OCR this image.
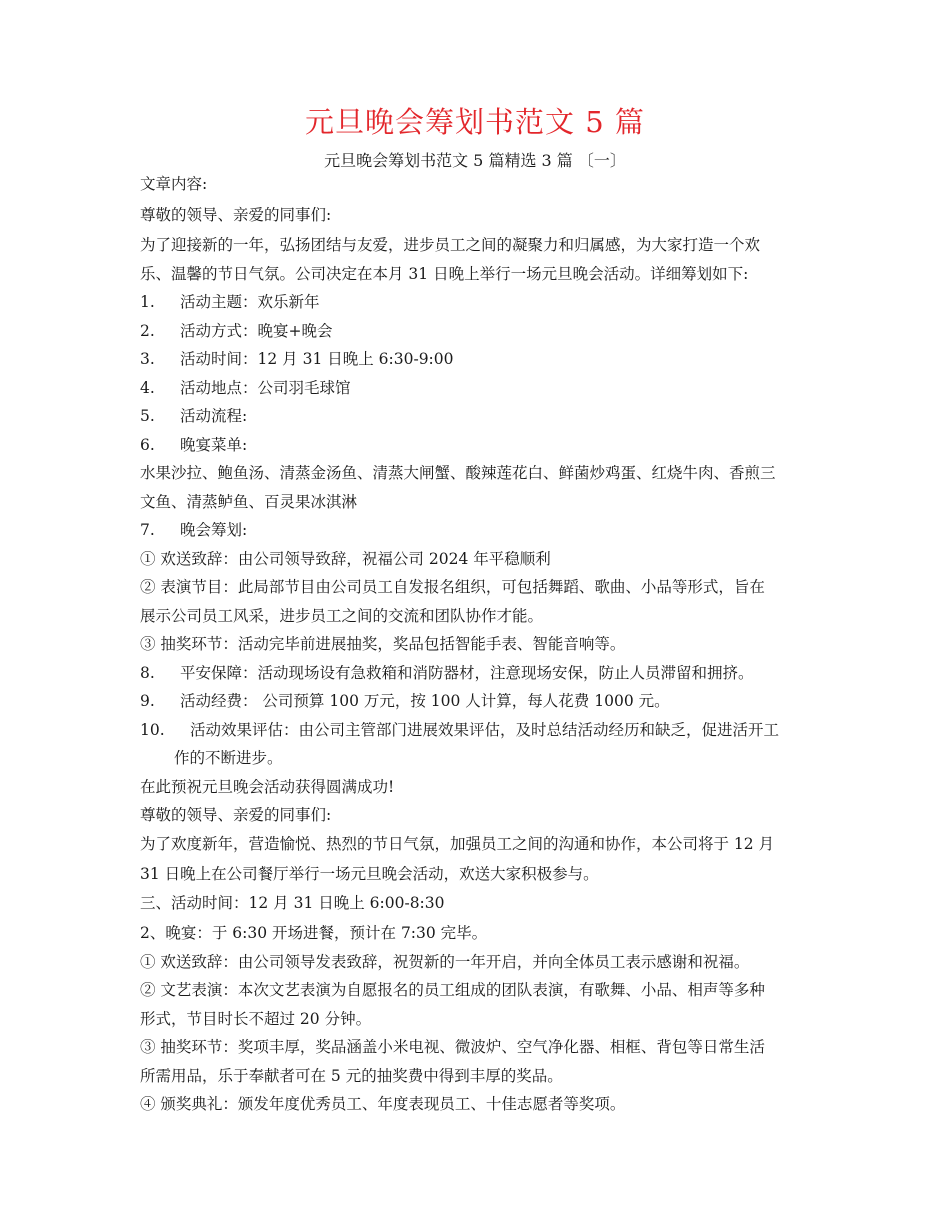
元旦晚会筹划书范文 5 篇

元旦晚会筹划书范文 5 篇精选 3 篇 〔一〕

文章内容:

尊敬的领导、亲爱的同事们:

为了迎接新的一年，弘扬团结与友爱，进步员工之间的凝聚力和归属感，为大家打造一个欢

乐、温馨的节日气氛。公司决定在本月 31 日晚上举行一场元旦晚会活动。详细筹划如下:

1.	活动主题：欢乐新年
2.	活动方式：晚宴+晚会
3.	活动时间：12 月 31 日晚上 6:30-9:00
4.	活动地点：公司羽毛球馆
5.	活动流程:
6.	晚宴菜单:

水果沙拉、鲍鱼汤、清蒸金汤鱼、清蒸大闸蟹、酸辣莲花白、鲜菌炒鸡蛋、红烧牛肉、香煎三

文鱼、清蒸鲈鱼、百灵果冰淇淋

7.	晚会筹划:

① 欢送致辞：由公司领导致辞，祝福公司 2024 年平稳顺利

② 表演节目：此局部节目由公司员工自发报名组织，可包括舞蹈、歌曲、小品等形式，旨在

展示公司员工风采，进步员工之间的交流和团队协作才能。

③ 抽奖环节：活动完毕前进展抽奖，奖品包括智能手表、智能音响等。

8.	平安保障：活动现场设有急救箱和消防器材，注意现场安保，防止人员滞留和拥挤。
9.	活动经费： 公司预算 100 万元，按 100 人计算，每人花费 1000 元。
10.	活动效果评估：由公司主管部门进展效果评估，及时总结活动经历和缺乏，促进活开工
作的不断进步。

在此预祝元旦晚会活动获得圆满成功!

尊敬的领导、亲爱的同事们:

为了欢度新年，营造愉悦、热烈的节日气氛，加强员工之间的沟通和协作，本公司将于 12 月

31 日晚上在公司餐厅举行一场元旦晚会活动，欢送大家积极参与。

三、活动时间：12 月 31 日晚上 6:00-8:30

2、晚宴：于 6:30 开场进餐，预计在 7:30 完毕。

① 欢送致辞：由公司领导发表致辞，祝贺新的一年开启，并向全体员工表示感谢和祝福。

② 文艺表演：本次文艺表演为自愿报名的员工组成的团队表演，有歌舞、小品、相声等多种

形式，节目时长不超过 20 分钟。

③ 抽奖环节：奖项丰厚，奖品涵盖小米电视、微波炉、空气净化器、相框、背包等日常生活

所需用品，乐于奉献者可在 5 元的抽奖费中得到丰厚的奖品。

④ 颁奖典礼：颁发年度优秀员工、年度表现员工、十佳志愿者等奖项。
